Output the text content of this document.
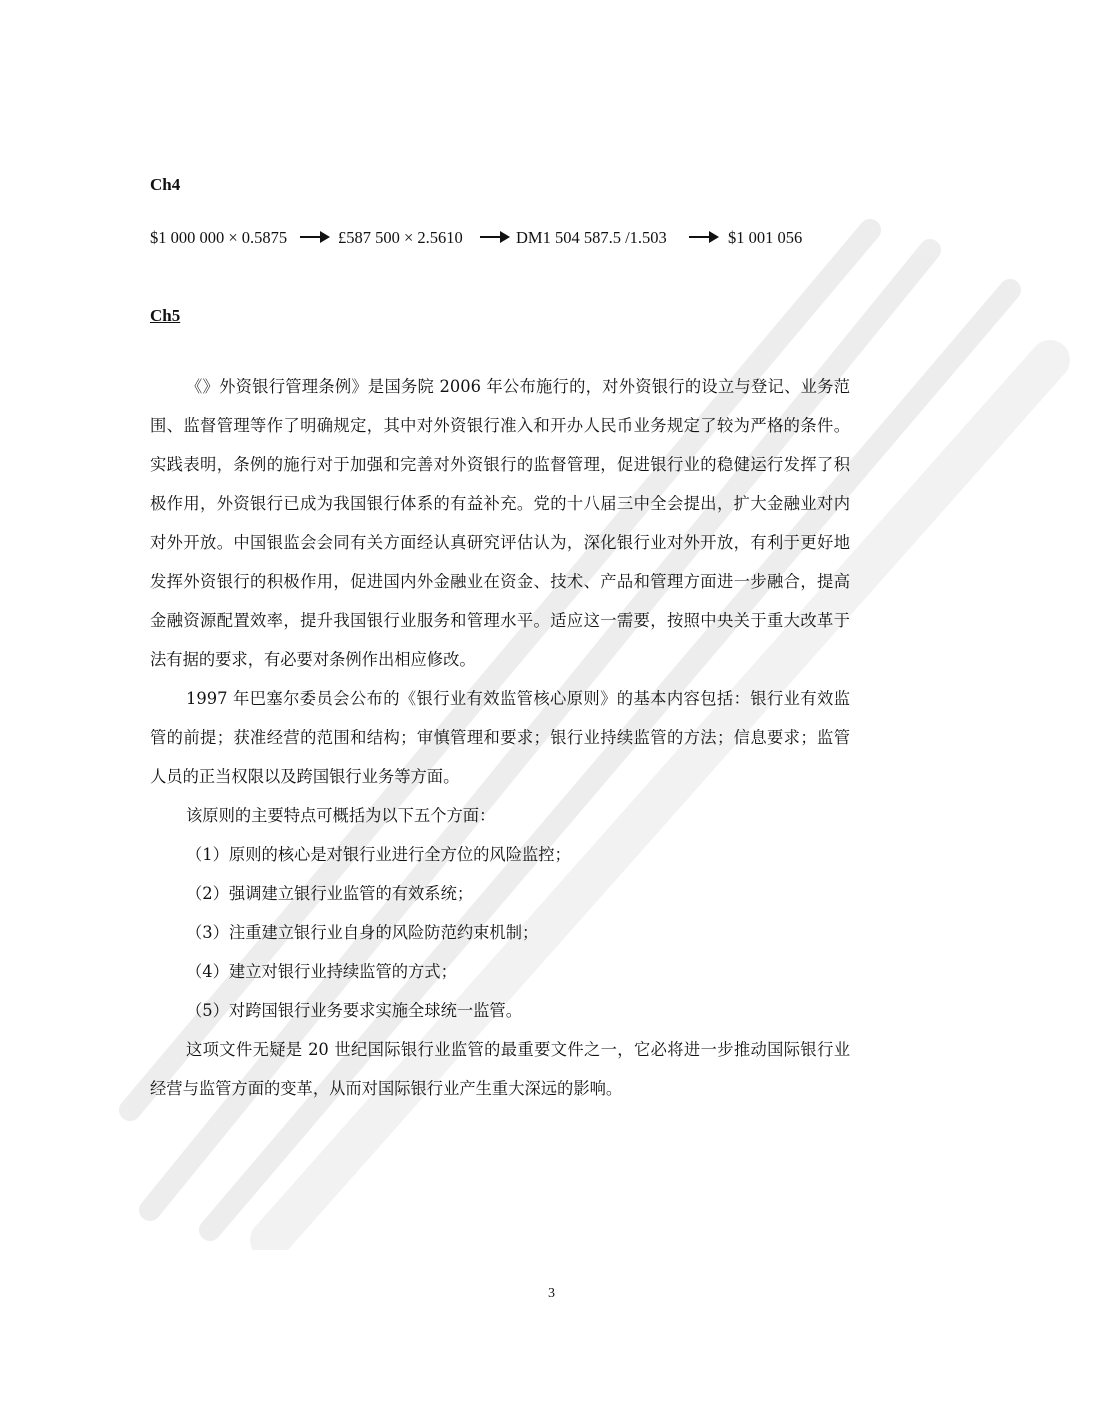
Ch4
$1 000 000 × 0.5875	£587 500 × 2.5610	DM1 504 587.5 /1.503	$1 001 056
Ch5

《》外资银行管理条例》是国务院 2006 年公布施行的，对外资银行的设立与登记、业务范围、监督管理等作了明确规定，其中对外资银行准入和开办人民币业务规定了较为严格的条件。实践表明，条例的施行对于加强和完善对外资银行的监督管理，促进银行业的稳健运行发挥了积极作用，外资银行已成为我国银行体系的有益补充。党的十八届三中全会提出，扩大金融业对内对外开放。中国银监会会同有关方面经认真研究评估认为，深化银行业对外开放，有利于更好地发挥外资银行的积极作用，促进国内外金融业在资金、技术、产品和管理方面进一步融合，提高金融资源配置效率，提升我国银行业服务和管理水平。适应这一需要，按照中央关于重大改革于法有据的要求，有必要对条例作出相应修改。

1997 年巴塞尔委员会公布的《银行业有效监管核心原则》的基本内容包括：银行业有效监管的前提；获准经营的范围和结构；审慎管理和要求；银行业持续监管的方法；信息要求；监管人员的正当权限以及跨国银行业务等方面。

该原则的主要特点可概括为以下五个方面：

（1）原则的核心是对银行业进行全方位的风险监控；

（2）强调建立银行业监管的有效系统；

（3）注重建立银行业自身的风险防范约束机制；

（4）建立对银行业持续监管的方式；

（5）对跨国银行业务要求实施全球统一监管。

这项文件无疑是 20 世纪国际银行业监管的最重要文件之一，它必将进一步推动国际银行业经营与监管方面的变革，从而对国际银行业产生重大深远的影响。

3
